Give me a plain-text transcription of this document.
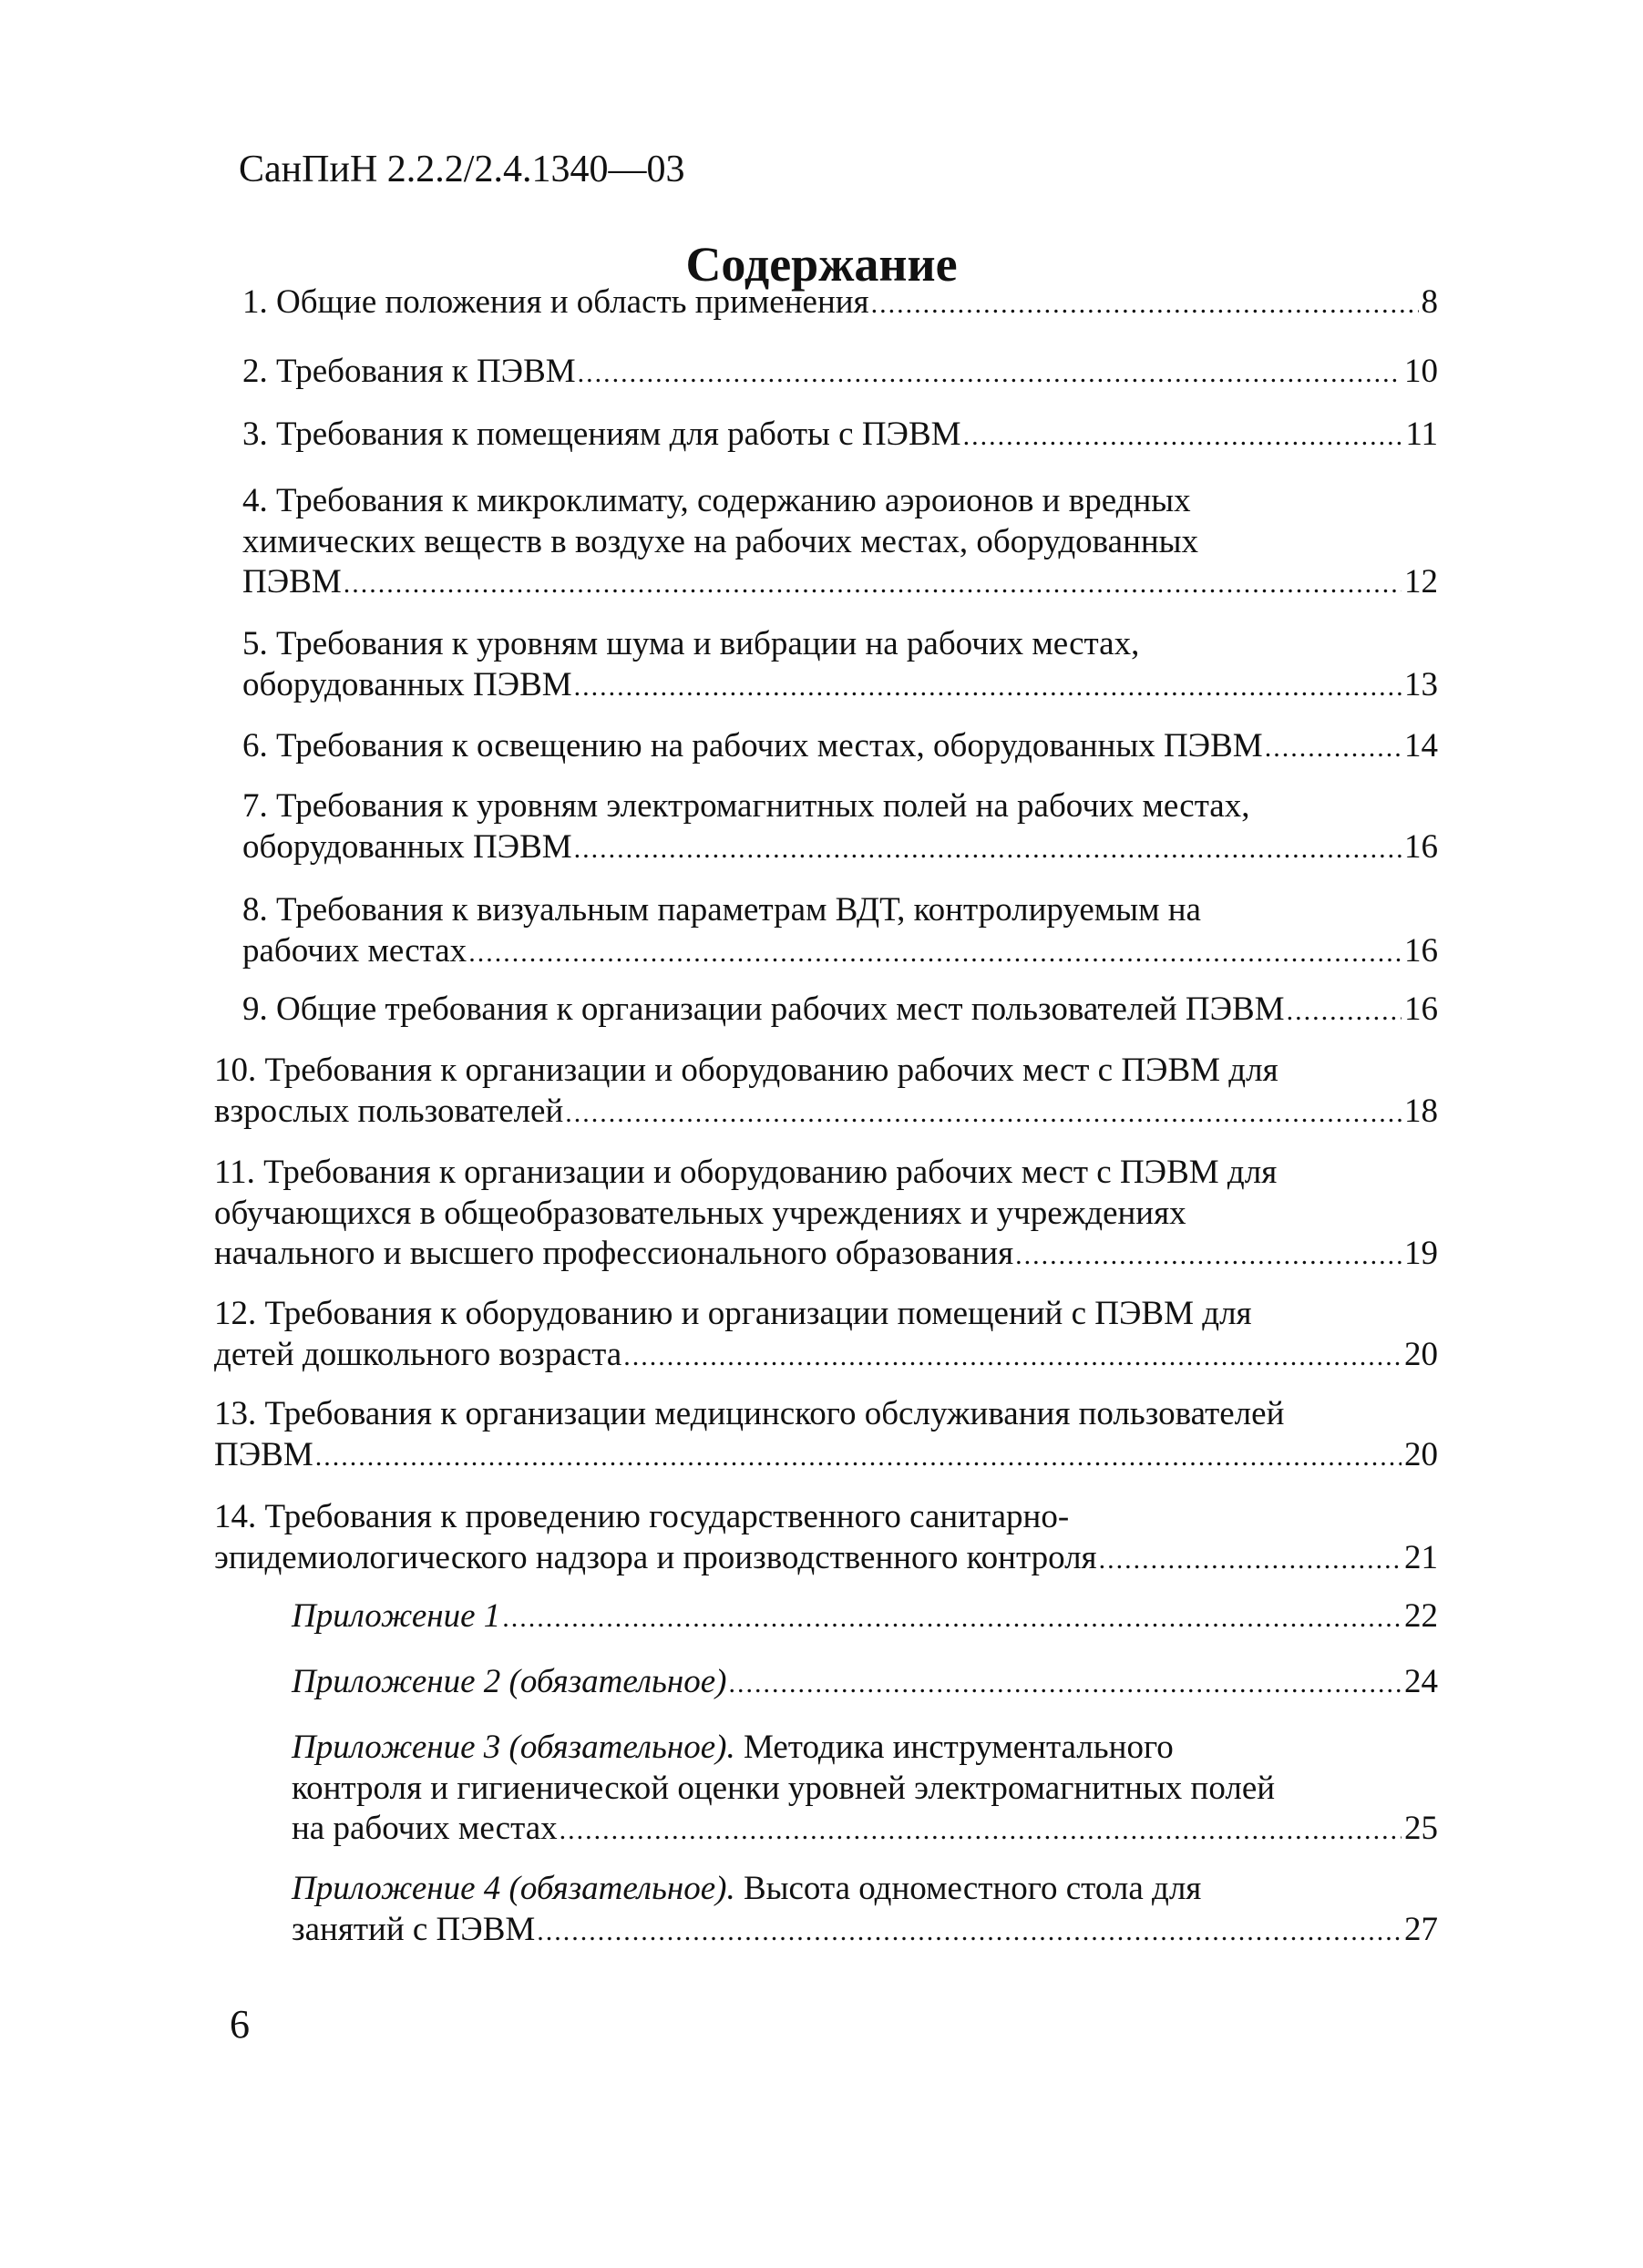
СанПиН 2.2.2/2.4.1340—03
Содержание
1. Общие положения и область применения .....	8
2. Требования к ПЭВМ .....	10
3. Требования к помещениям для работы с ПЭВМ .....	11
4. Требования к микроклимату, содержанию аэроионов и вредных
химических веществ в воздухе на рабочих местах, оборудованных
ПЭВМ .....	12
5. Требования к уровням шума и вибрации на рабочих местах,
оборудованных ПЭВМ .....	13
6. Требования к освещению на рабочих местах, оборудованных ПЭВМ .....	14
7. Требования к уровням электромагнитных полей на рабочих местах,
оборудованных ПЭВМ .....	16
8. Требования к визуальным параметрам ВДТ, контролируемым на
рабочих местах .....	16
9. Общие требования к организации рабочих мест пользователей ПЭВМ .....	16
10. Требования к организации и оборудованию рабочих мест с ПЭВМ для
взрослых пользователей .....	18
11. Требования к организации и оборудованию рабочих мест с ПЭВМ для
обучающихся в общеобразовательных учреждениях и учреждениях
начального и высшего профессионального образования .....	19
12. Требования к оборудованию и организации помещений с ПЭВМ для
детей дошкольного возраста .....	20
13. Требования к организации медицинского обслуживания пользователей
ПЭВМ .....	20
14. Требования к проведению государственного санитарно-
эпидемиологического надзора и производственного контроля .....	21
Приложение 1 .....	22
Приложение 2 (обязательное) .....	24
Приложение 3 (обязательное). Методика инструментального
контроля и гигиенической оценки уровней электромагнитных полей
на рабочих местах .....	25
Приложение 4 (обязательное). Высота одноместного стола для
занятий с ПЭВМ .....	27
6
